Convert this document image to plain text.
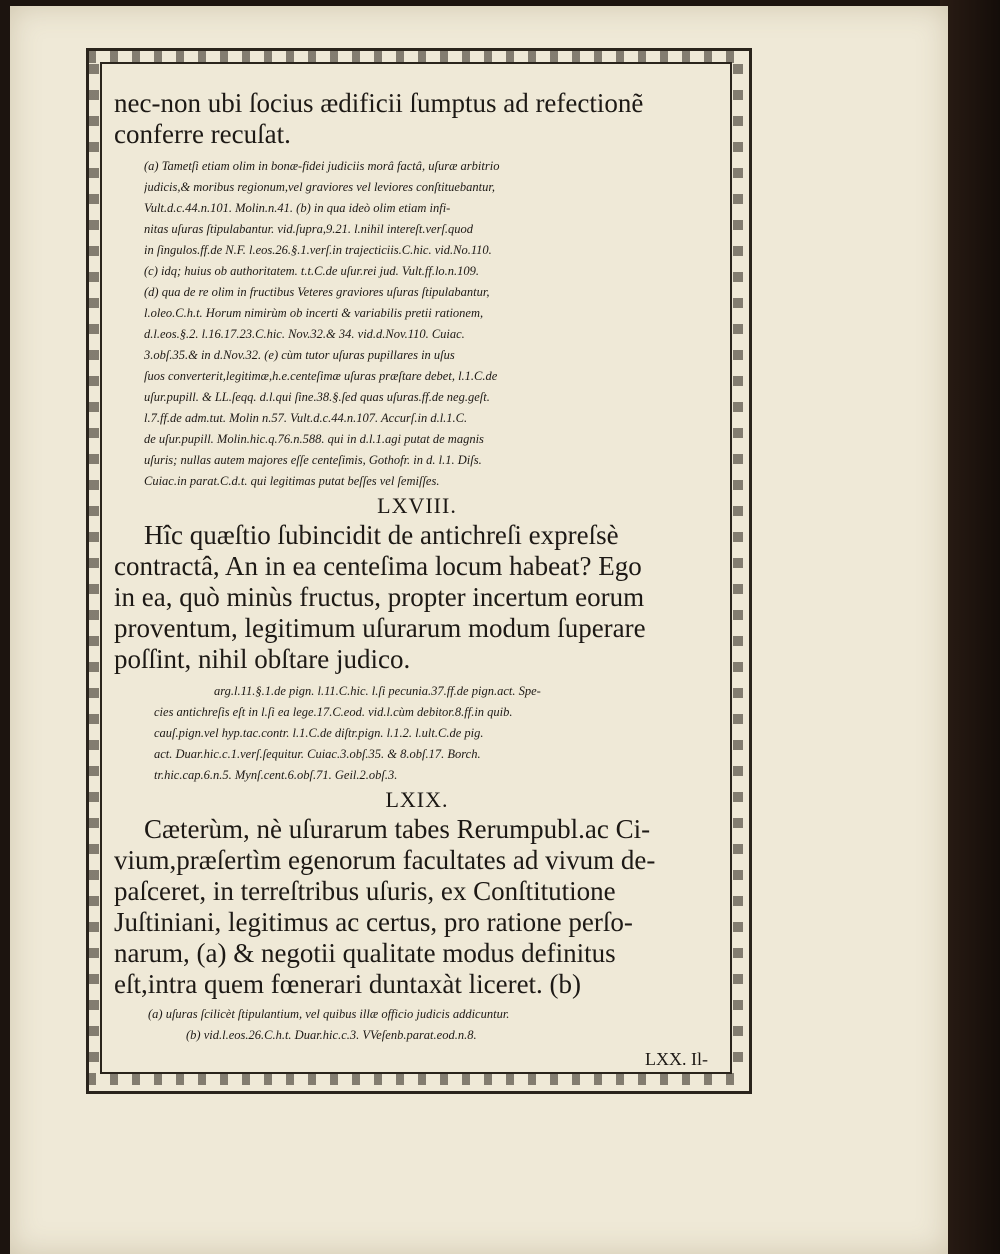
nec-non ubi ſocius ædificii ſumptus ad refectionẽ
conferre recuſat.
(a) Tametſi etiam olim in bonæ-fidei judiciis morâ factâ, uſuræ arbitrio
judicis,& moribus regionum,vel graviores vel leviores conſtituebantur,
Vult.d.c.44.n.101. Molin.n.41. (b) in qua ideò olim etiam infi-
nitas uſuras ſtipulabantur. vid.ſupra,9.21. l.nihil intereſt.verſ.quod
in ſingulos.ff.de N.F. l.eos.26.§.1.verſ.in trajecticiis.C.hic. vid.No.110.
(c) idq; huius ob authoritatem. t.t.C.de uſur.rei jud. Vult.ff.lo.n.109.
(d) qua de re olim in fructibus Veteres graviores uſuras ſtipulabantur,
l.oleo.C.h.t. Horum nimirùm ob incerti & variabilis pretii rationem,
d.l.eos.§.2. l.16.17.23.C.hic. Nov.32.& 34. vid.d.Nov.110. Cuiac.
3.obſ.35.& in d.Nov.32. (e) cùm tutor uſuras pupillares in uſus
ſuos converterit,legitimæ,h.e.centeſimæ uſuras præſtare debet, l.1.C.de
uſur.pupill. & LL.ſeqq. d.l.qui ſine.38.§.ſed quas uſuras.ff.de neg.geſt.
l.7.ff.de adm.tut. Molin n.57. Vult.d.c.44.n.107. Accurſ.in d.l.1.C.
de uſur.pupill. Molin.hic.q.76.n.588. qui in d.l.1.agi putat de magnis
uſuris; nullas autem majores eſſe centeſimis, Gothofr. in d. l.1. Diſs.
Cuiac.in parat.C.d.t. qui legitimas putat beſſes vel ſemiſſes.
LXVIII.
Hîc quæſtio ſubincidit de antichreſi expreſsè
contractâ, An in ea centeſima locum habeat? Ego
in ea, quò minùs fructus, propter incertum eorum
proventum, legitimum uſurarum modum ſuperare
poſſint, nihil obſtare judico.
arg.l.11.§.1.de pign. l.11.C.hic. l.ſi pecunia.37.ff.de pign.act. Spe-
cies antichreſis eſt in l.ſi ea lege.17.C.eod. vid.l.cùm debitor.8.ff.in quib.
cauſ.pign.vel hyp.tac.contr. l.1.C.de diſtr.pign. l.1.2. l.ult.C.de pig.
act. Duar.hic.c.1.verſ.ſequitur. Cuiac.3.obſ.35. & 8.obſ.17. Borch.
tr.hic.cap.6.n.5. Mynſ.cent.6.obſ.71. Geil.2.obſ.3.
LXIX.
Cæterùm, nè uſurarum tabes Rerumpubl.ac Ci-
vium,præſertìm egenorum facultates ad vivum de-
paſceret, in terreſtribus uſuris, ex Conſtitutione
Juſtiniani, legitimus ac certus, pro ratione perſo-
narum, (a) & negotii qualitate modus definitus
eſt,intra quem fœnerari duntaxàt liceret. (b)
(a) uſuras ſcilicèt ſtipulantium, vel quibus illæ officio judicis addicuntur.
(b) vid.l.eos.26.C.h.t. Duar.hic.c.3. VVeſenb.parat.eod.n.8.
LXX. Il-
